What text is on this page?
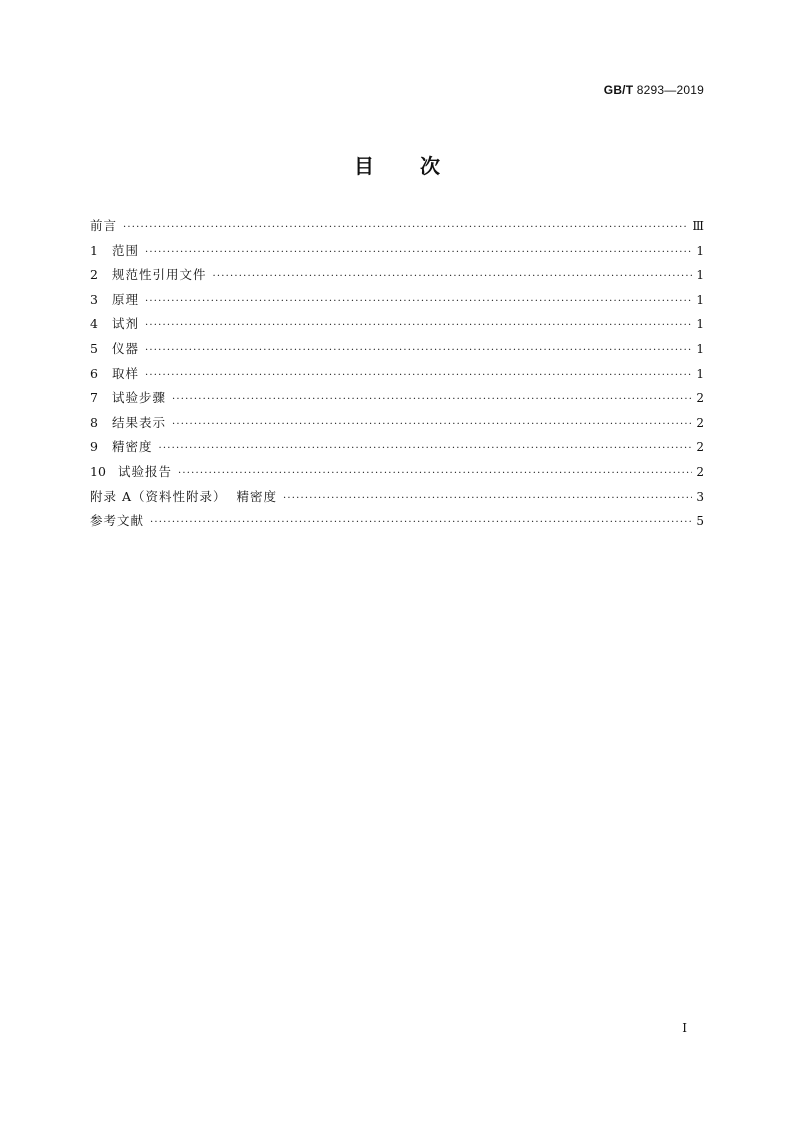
GB/T 8293—2019
目 次
前言 ·····	Ⅲ
1	范围 ·····	1
2	规范性引用文件 ·····	1
3	原理 ·····	1
4	试剂 ·····	1
5	仪器 ·····	1
6	取样 ·····	1
7	试验步骤 ·····	2
8	结果表示 ·····	2
9	精密度 ·····	2
10 试验报告 ·····	2
附录 A（资料性附录）  精密度 ·····	3
参考文献 ·····	5
I
